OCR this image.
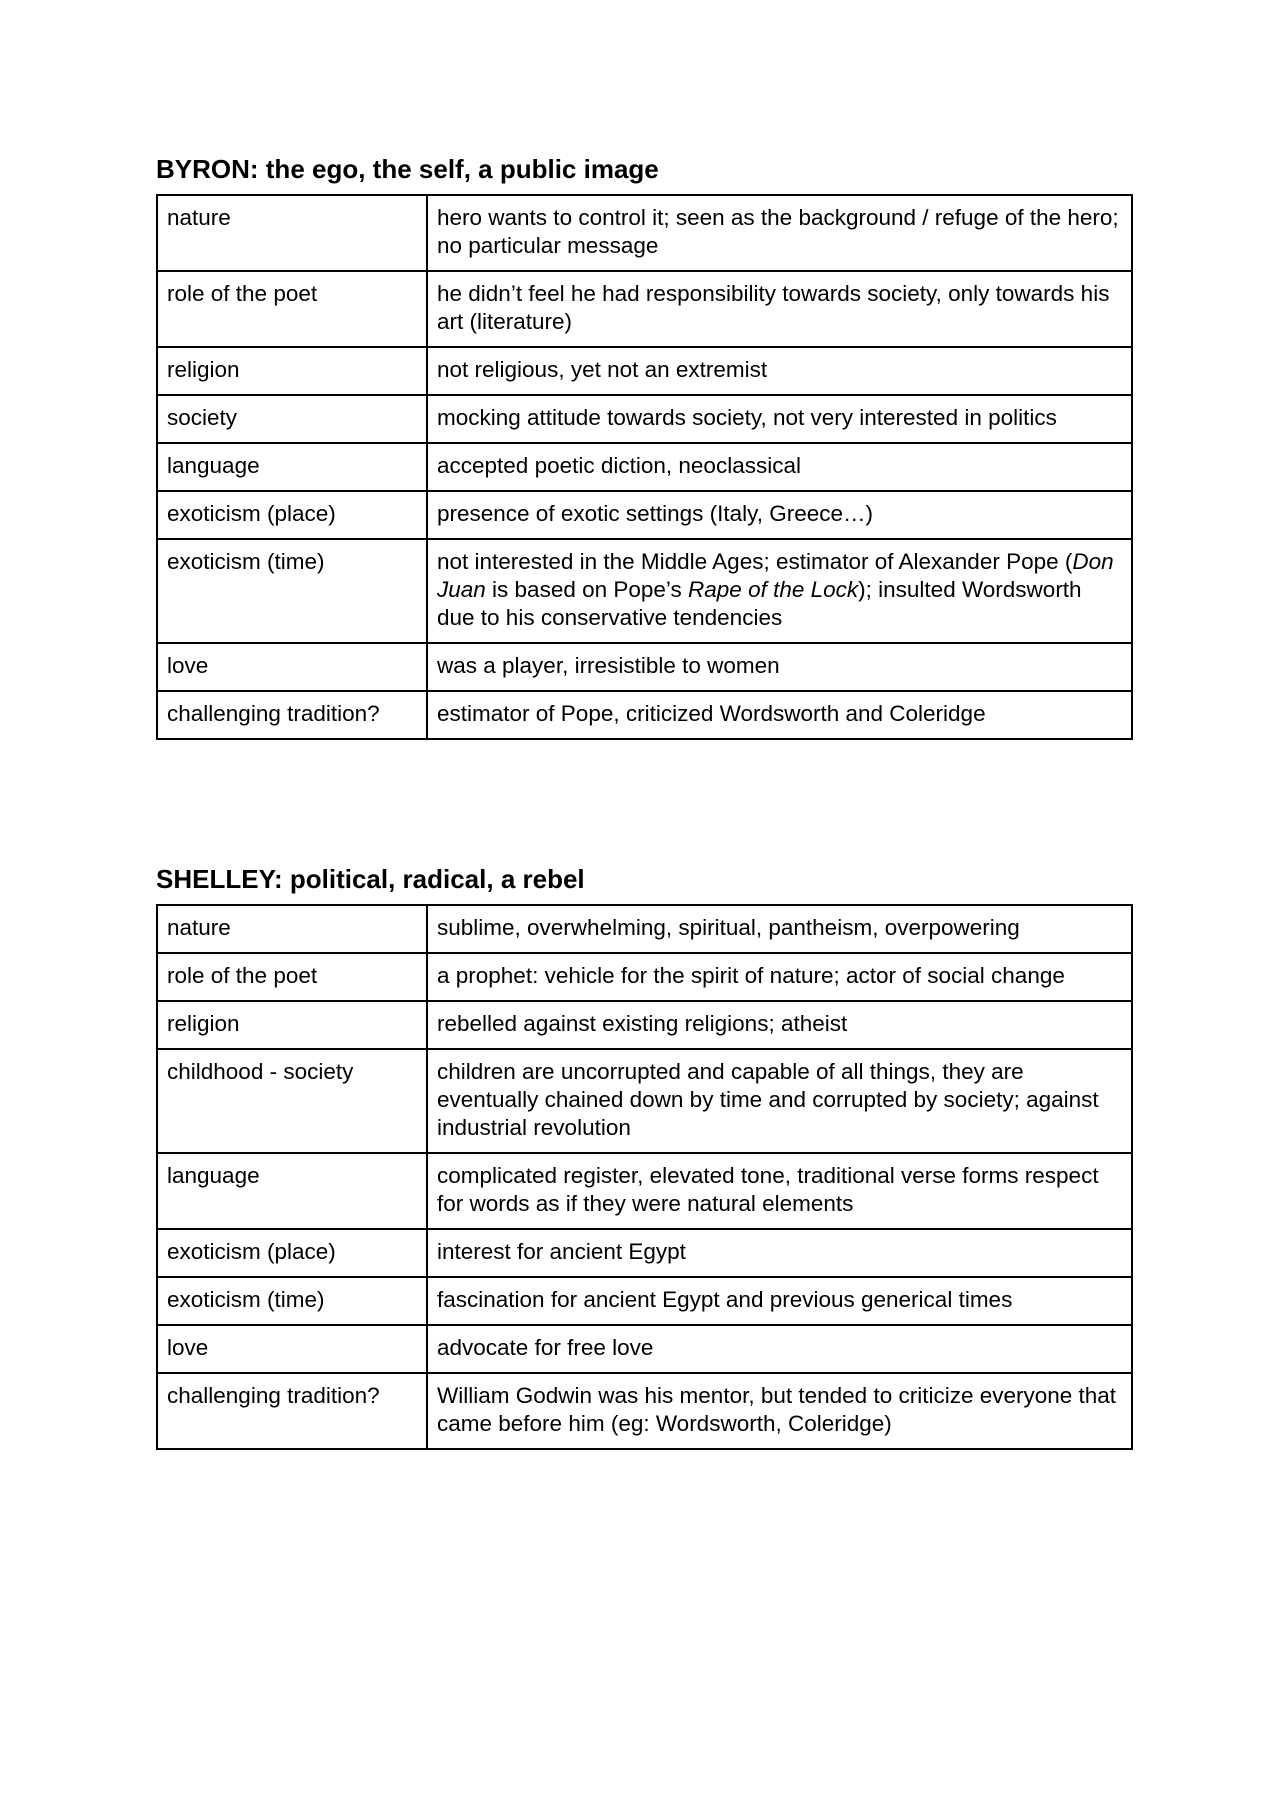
BYRON: the ego, the self, a public image
nature	hero wants to control it; seen as the background / refuge of the hero; no particular message
role of the poet	he didn’t feel he had responsibility towards society, only towards his art (literature)
religion	not religious, yet not an extremist
society	mocking attitude towards society, not very interested in politics
language	accepted poetic diction, neoclassical
exoticism (place)	presence of exotic settings (Italy, Greece…)
exoticism (time)	not interested in the Middle Ages; estimator of Alexander Pope (Don Juan is based on Pope’s Rape of the Lock); insulted Wordsworth due to his conservative tendencies
love	was a player, irresistible to women
challenging tradition?	estimator of Pope, criticized Wordsworth and Coleridge
SHELLEY: political, radical, a rebel
nature	sublime, overwhelming, spiritual, pantheism, overpowering
role of the poet	a prophet: vehicle for the spirit of nature; actor of social change
religion	rebelled against existing religions; atheist
childhood - society	children are uncorrupted and capable of all things, they are eventually chained down by time and corrupted by society; against industrial revolution
language	complicated register, elevated tone, traditional verse forms respect for words as if they were natural elements
exoticism (place)	interest for ancient Egypt
exoticism (time)	fascination for ancient Egypt and previous generical times
love	advocate for free love
challenging tradition?	William Godwin was his mentor, but tended to criticize everyone that came before him (eg: Wordsworth, Coleridge)
